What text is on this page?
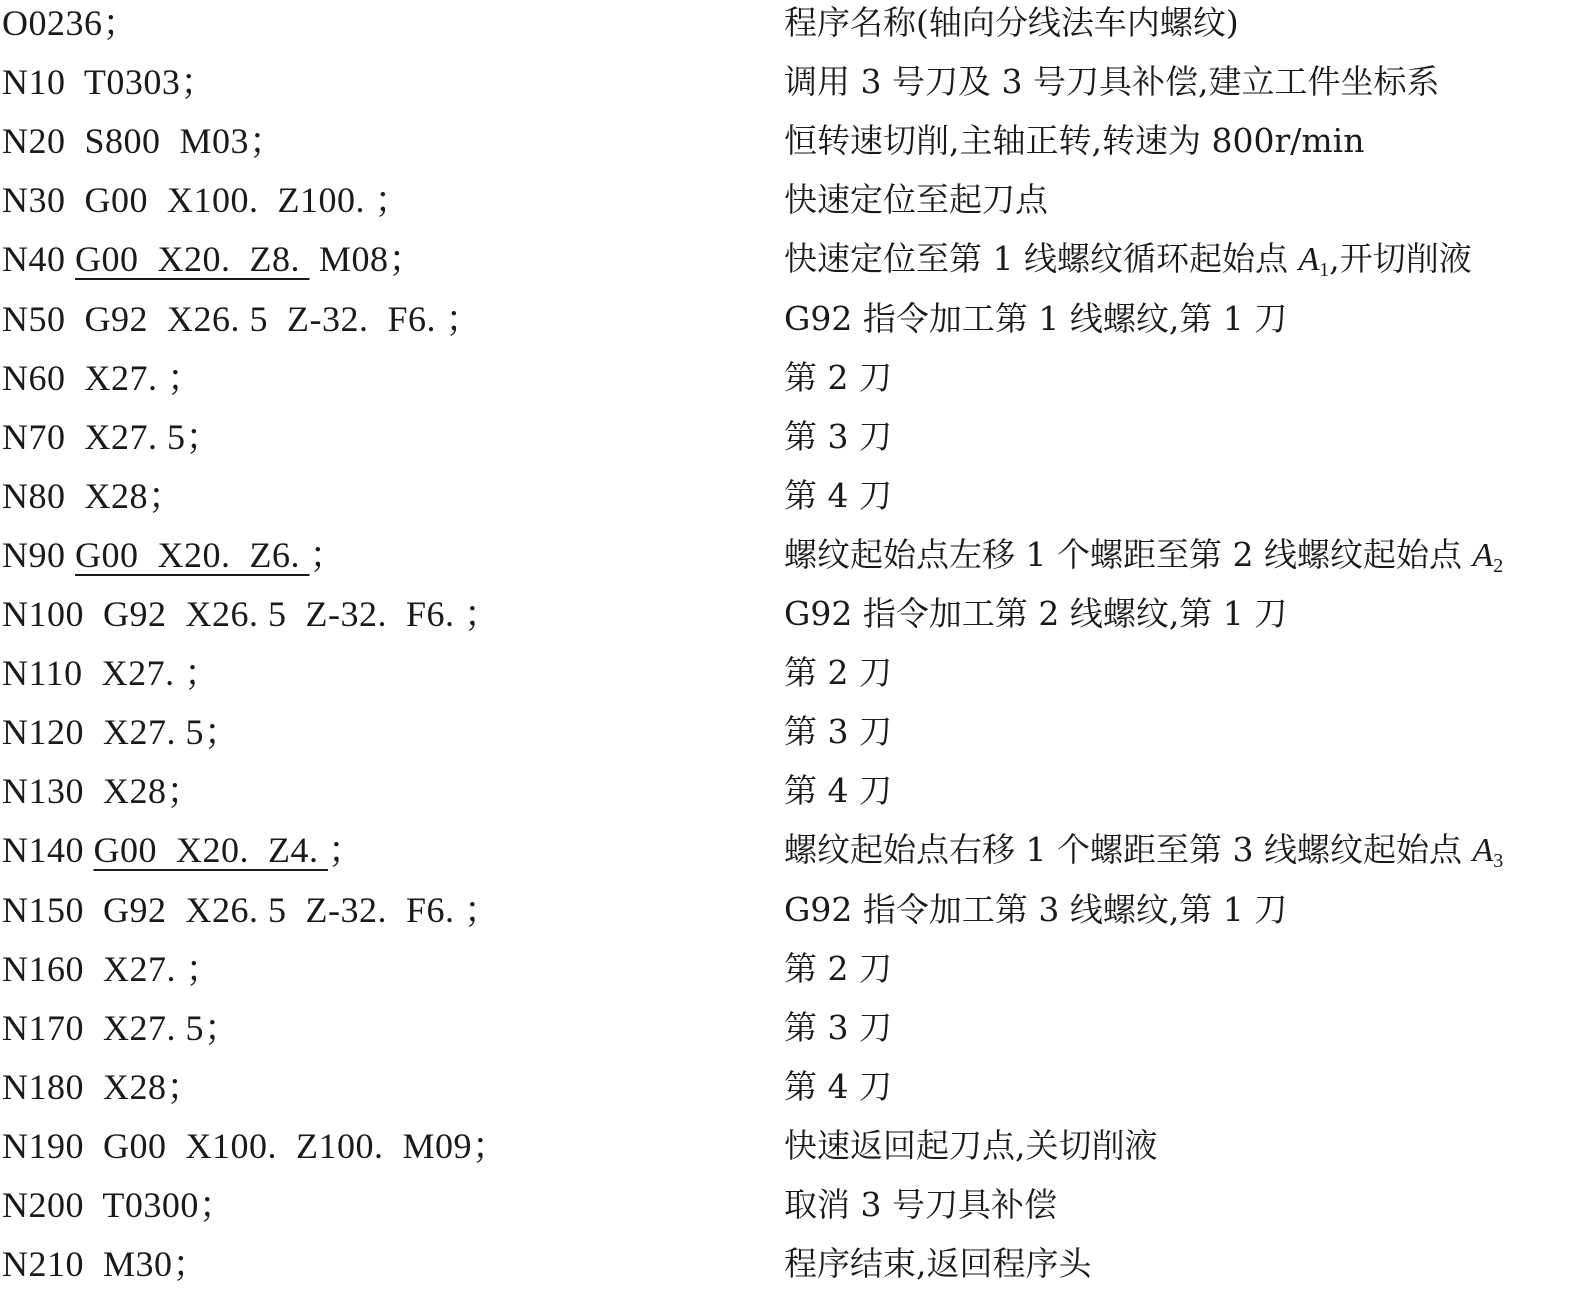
O0236；	程序名称(轴向分线法车内螺纹)
N10  T0303；	调用 3 号刀及 3 号刀具补偿,建立工件坐标系
N20  S800  M03；	恒转速切削,主轴正转,转速为 800r/min
N30  G00  X100.  Z100. ；	快速定位至起刀点
N40 G00  X20.  Z8.  M08；	快速定位至第 1 线螺纹循环起始点 $A_1$,开切削液
N50  G92  X26. 5  Z-32.  F6. ；	G92 指令加工第 1 线螺纹,第 1 刀
N60  X27. ；	第 2 刀
N70  X27. 5；	第 3 刀
N80  X28；	第 4 刀
N90 G00  X20.  Z6. ；	螺纹起始点左移 1 个螺距至第 2 线螺纹起始点 $A_2$
N100  G92  X26. 5  Z-32.  F6. ；	G92 指令加工第 2 线螺纹,第 1 刀
N110  X27. ；	第 2 刀
N120  X27. 5；	第 3 刀
N130  X28；	第 4 刀
N140 G00  X20.  Z4. ；	螺纹起始点右移 1 个螺距至第 3 线螺纹起始点 $A_3$
N150  G92  X26. 5  Z-32.  F6. ；	G92 指令加工第 3 线螺纹,第 1 刀
N160  X27. ；	第 2 刀
N170  X27. 5；	第 3 刀
N180  X28；	第 4 刀
N190  G00  X100.  Z100.  M09；	快速返回起刀点,关切削液
N200  T0300；	取消 3 号刀具补偿
N210  M30；	程序结束,返回程序头
